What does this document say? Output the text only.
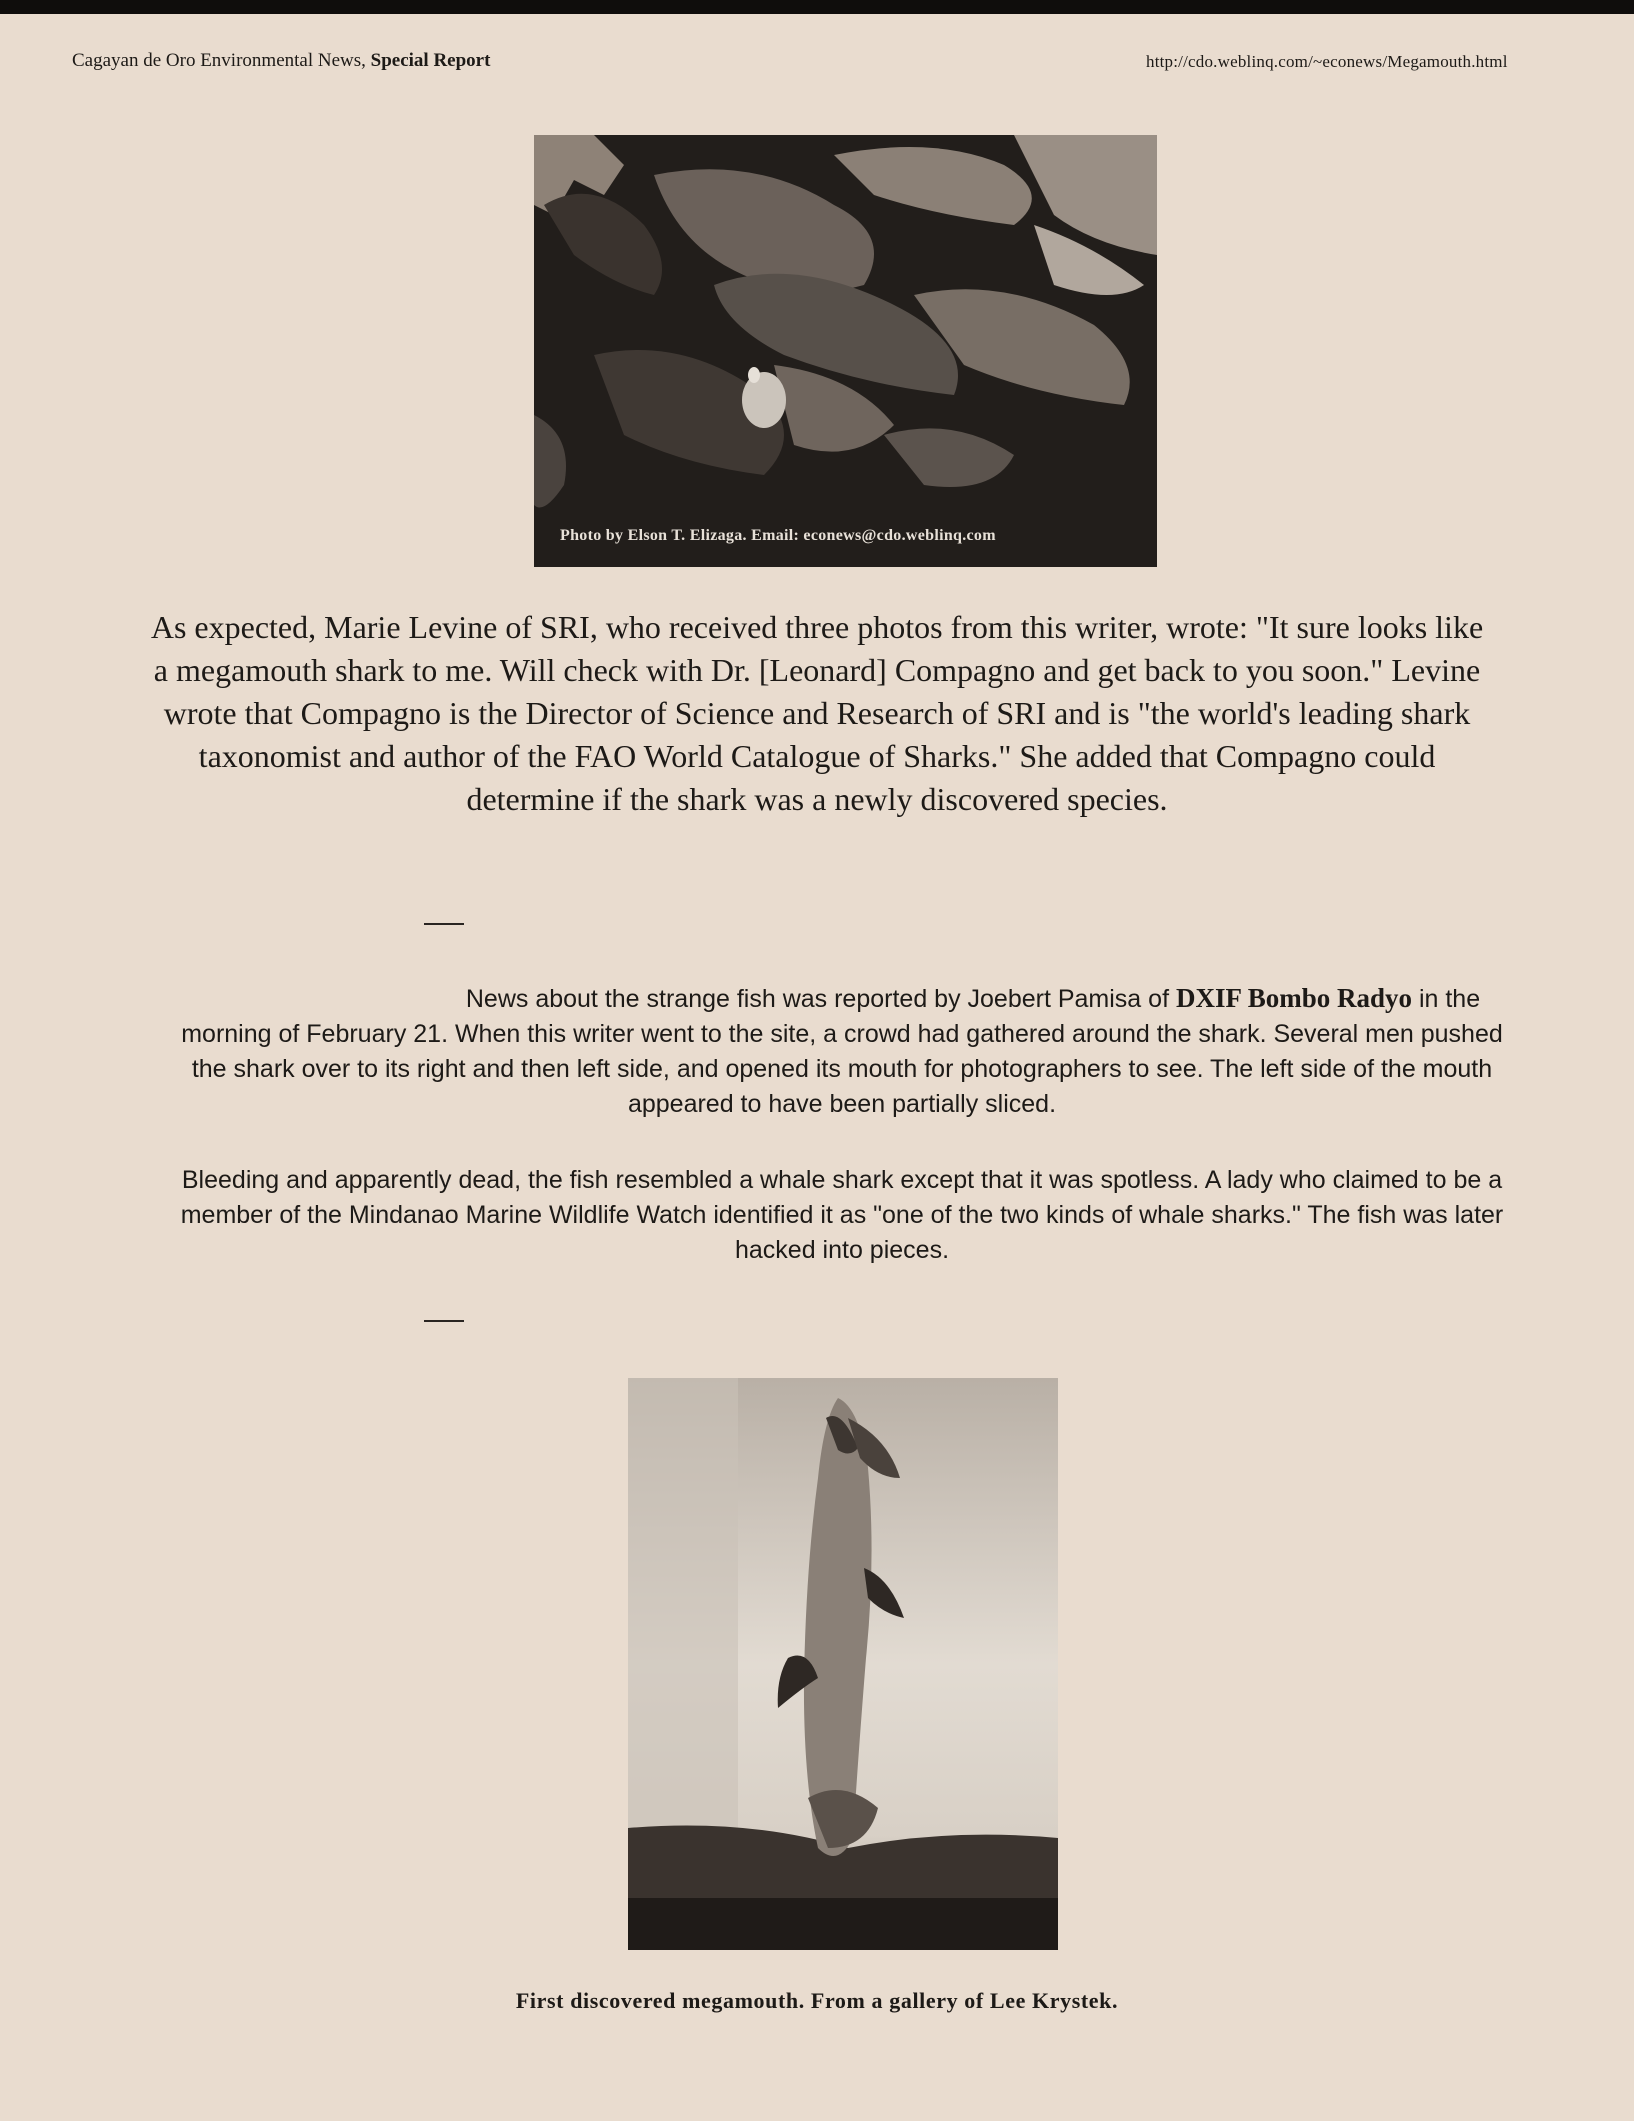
Cagayan de Oro Environmental News, Special Report	http://cdo.weblinq.com/~econews/Megamouth.html
Photo by Elson T. Elizaga. Email: econews@cdo.weblinq.com
As expected, Marie Levine of SRI, who received three photos from this writer, wrote: "It sure looks like a megamouth shark to me. Will check with Dr. [Leonard] Compagno and get back to you soon." Levine wrote that Compagno is the Director of Science and Research of SRI and is "the world's leading shark taxonomist and author of the FAO World Catalogue of Sharks." She added that Compagno could determine if the shark was a newly discovered species.
News about the strange fish was reported by Joebert Pamisa of DXIF Bombo Radyo in the morning of February 21. When this writer went to the site, a crowd had gathered around the shark. Several men pushed the shark over to its right and then left side, and opened its mouth for photographers to see. The left side of the mouth appeared to have been partially sliced.
Bleeding and apparently dead, the fish resembled a whale shark except that it was spotless. A lady who claimed to be a member of the Mindanao Marine Wildlife Watch identified it as "one of the two kinds of whale sharks." The fish was later hacked into pieces.
First discovered megamouth. From a gallery of Lee Krystek.
